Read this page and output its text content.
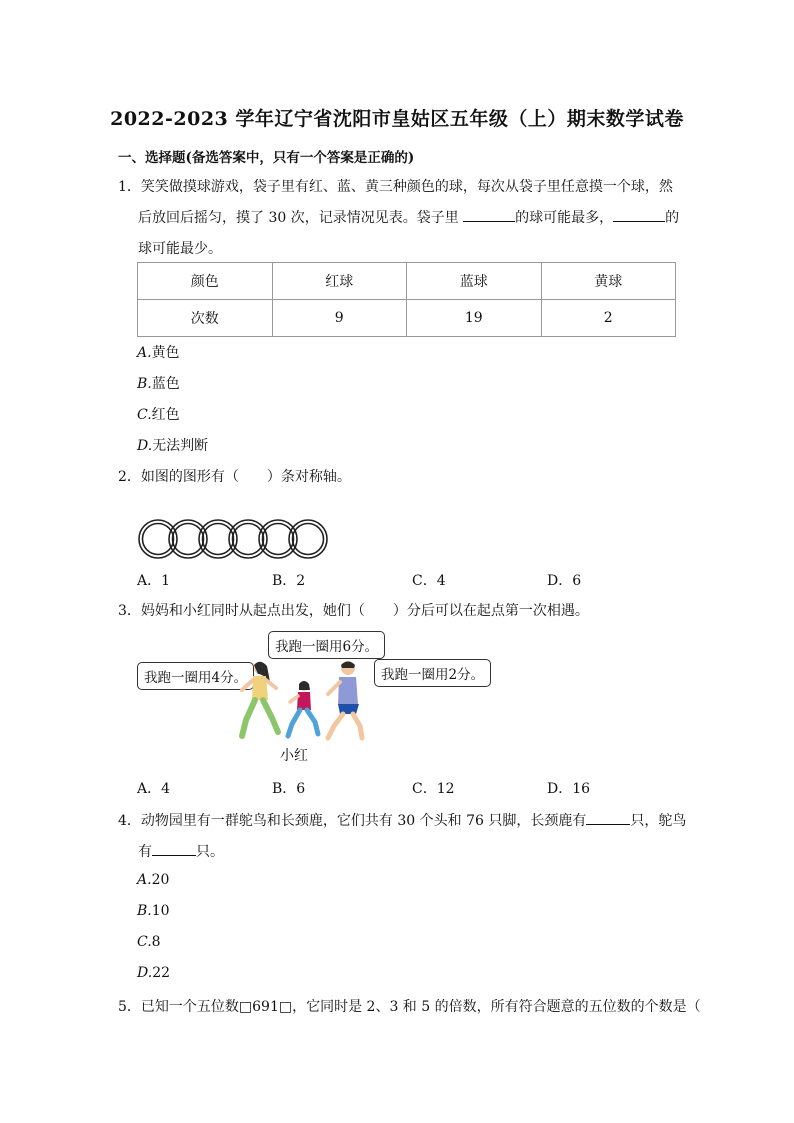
2022-2023 学年辽宁省沈阳市皇姑区五年级（上）期末数学试卷
一、选择题(备选答案中，只有一个答案是正确的)
1．笑笑做摸球游戏，袋子里有红、蓝、黄三种颜色的球，每次从袋子里任意摸一个球，然
后放回后摇匀，摸了 30 次，记录情况见表。袋子里	的球可能最多，	的
球可能最少。
颜色	红球	蓝球	黄球
次数	9	19	2
A.黄色
B.蓝色
C.红色
D.无法判断
2．如图的图形有（　　）条对称轴。
A．1	B．2	C．4	D．6
3．妈妈和小红同时从起点出发，她们（　　）分后可以在起点第一次相遇。
我跑一圈用4分。
我跑一圈用6分。
我跑一圈用2分。
小红
A．4	B．6	C．12	D．16
4．动物园里有一群鸵鸟和长颈鹿，它们共有 30 个头和 76 只脚，长颈鹿有	只，鸵鸟
有	只。
A.20
B.10
C.8
D.22
5．已知一个五位数□691□，它同时是 2、3 和 5 的倍数，所有符合题意的五位数的个数是（
